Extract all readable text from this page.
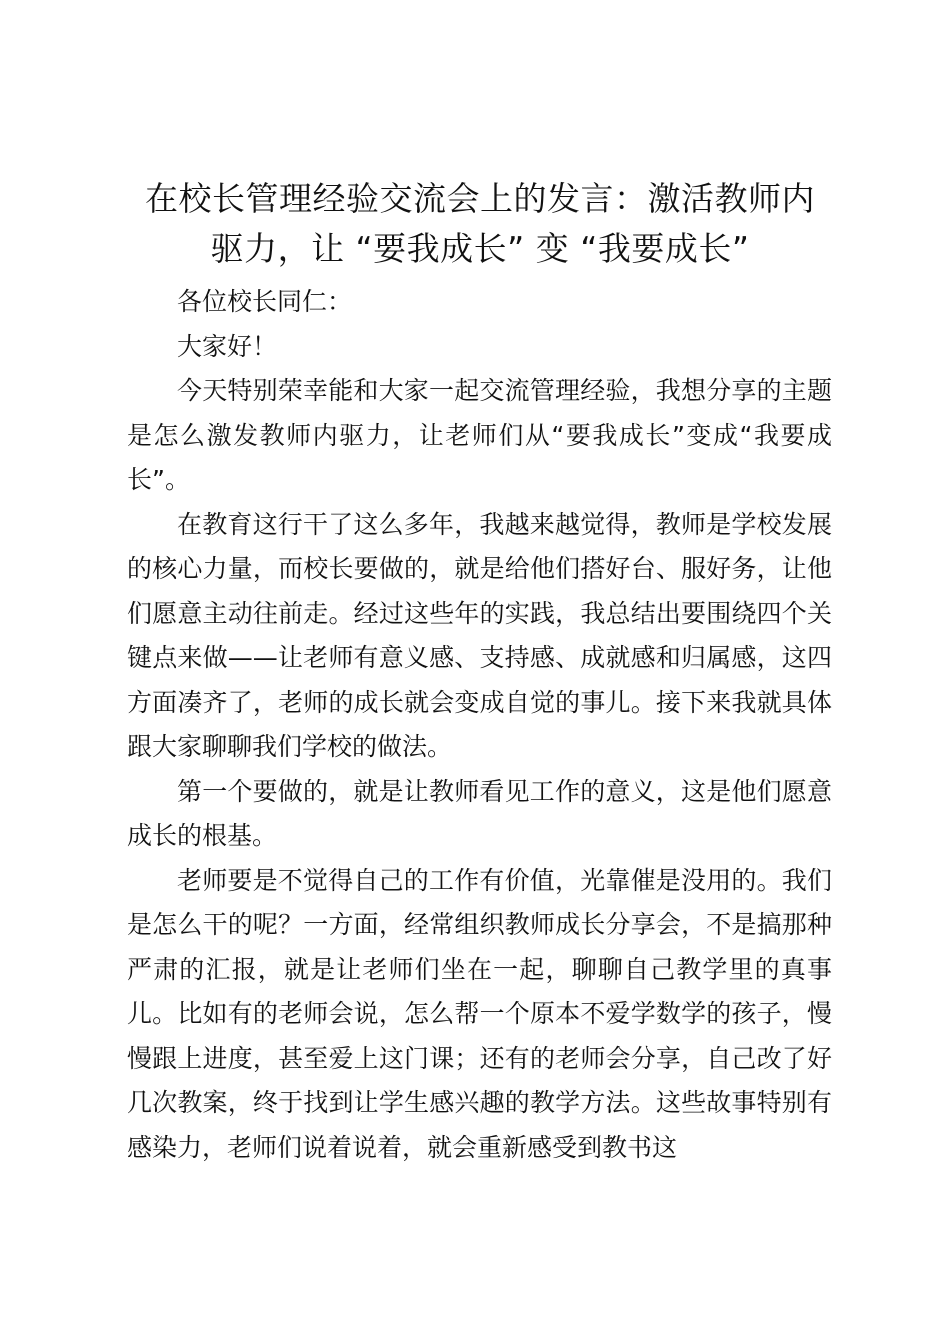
在校长管理经验交流会上的发言：激活教师内
驱力，让 “要我成长” 变 “我要成长”

各位校长同仁：

大家好！

今天特别荣幸能和大家一起交流管理经验，我想分享的主题是怎么激发教师内驱力，让老师们从“要我成长”变成“我要成长”。

在教育这行干了这么多年，我越来越觉得，教师是学校发展的核心力量，而校长要做的，就是给他们搭好台、服好务，让他们愿意主动往前走。经过这些年的实践，我总结出要围绕四个关键点来做——让老师有意义感、支持感、成就感和归属感，这四方面凑齐了，老师的成长就会变成自觉的事儿。接下来我就具体跟大家聊聊我们学校的做法。

第一个要做的，就是让教师看见工作的意义，这是他们愿意成长的根基。

老师要是不觉得自己的工作有价值，光靠催是没用的。我们是怎么干的呢？一方面，经常组织教师成长分享会，不是搞那种严肃的汇报，就是让老师们坐在一起，聊聊自己教学里的真事儿。比如有的老师会说，怎么帮一个原本不爱学数学的孩子，慢慢跟上进度，甚至爱上这门课；还有的老师会分享，自己改了好几次教案，终于找到让学生感兴趣的教学方法。这些故事特别有感染力，老师们说着说着，就会重新感受到教书这
